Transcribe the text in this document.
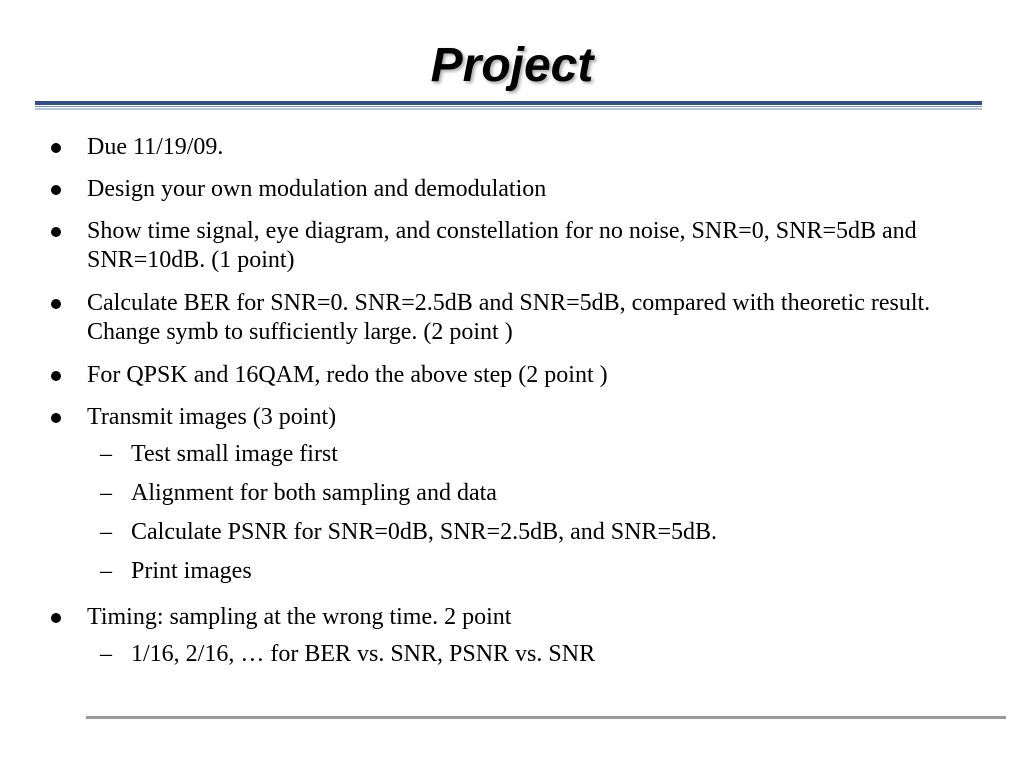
Project
Due 11/19/09.
Design your own modulation and demodulation
Show time signal, eye diagram, and constellation for no noise, SNR=0, SNR=5dB and SNR=10dB. (1 point)
Calculate BER for SNR=0. SNR=2.5dB and SNR=5dB, compared with theoretic result. Change symb to sufficiently large. (2 point )
For QPSK and 16QAM, redo the above step (2 point )
Transmit images (3 point)
– Test small image first
– Alignment for both sampling and data
– Calculate PSNR for SNR=0dB, SNR=2.5dB, and SNR=5dB.
– Print images
Timing: sampling at the wrong time. 2 point
– 1/16, 2/16, … for BER vs. SNR, PSNR vs. SNR
